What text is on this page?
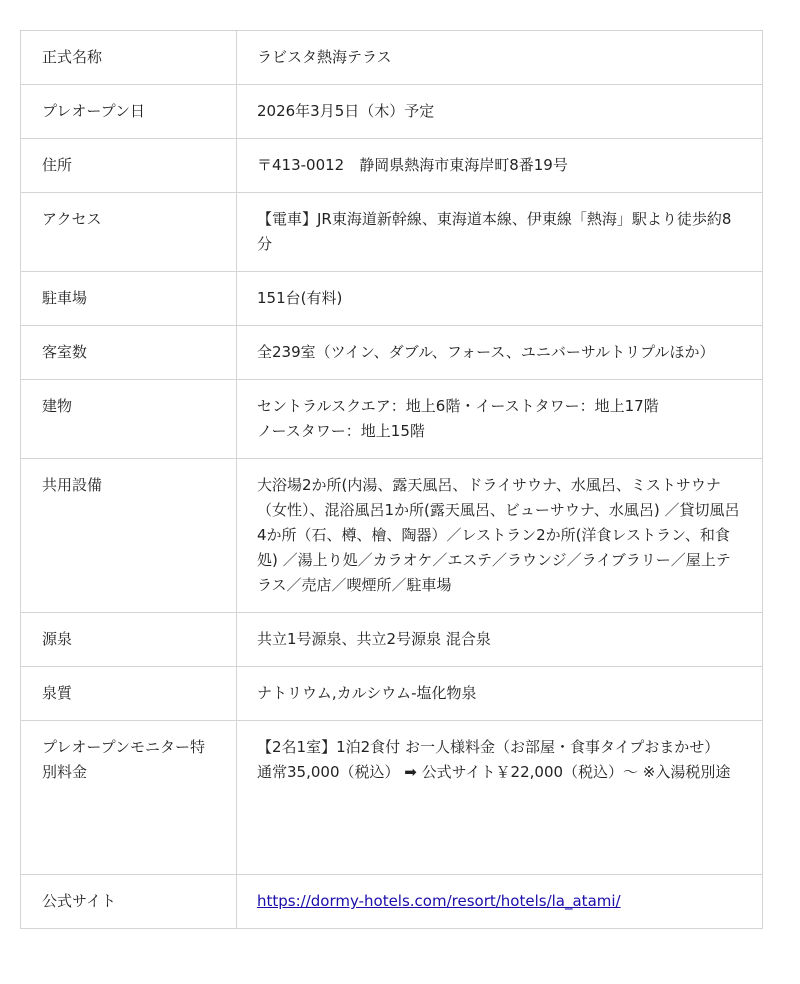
正式名称	ラビスタ熱海テラス

プレオープン日	2026年3月5日（木）予定

住所	〒413-0012　静岡県熱海市東海岸町8番19号

アクセス	【電車】JR東海道新幹線、東海道本線、伊東線「熱海」駅より徒歩約8分

駐車場	151台(有料)

客室数	全239室（ツイン、ダブル、フォース、ユニバーサルトリプルほか）

建物	セントラルスクエア：地上6階・イーストタワー：地上17階
ノースタワー：地上15階

共用設備	大浴場2か所(内湯、露天風呂、ドライサウナ、水風呂、ミストサウナ（女性）、混浴風呂1か所(露天風呂、ビューサウナ、水風呂) ／貸切風呂4か所（石、樽、檜、陶器）／レストラン2か所(洋食レストラン、和食処) ／湯上り処／カラオケ／エステ／ラウンジ／ライブラリー／屋上テラス／売店／喫煙所／駐車場

源泉	共立1号源泉、共立2号源泉 混合泉

泉質	ナトリウム,カルシウム-塩化物泉

プレオープンモニター特別料金	【2名1室】1泊2食付 お一人様料金（お部屋・食事タイプおまかせ）
通常35,000（税込） ➡ 公式サイト￥22,000（税込）～ ※入湯税別途

公式サイト	https://dormy-hotels.com/resort/hotels/la_atami/
